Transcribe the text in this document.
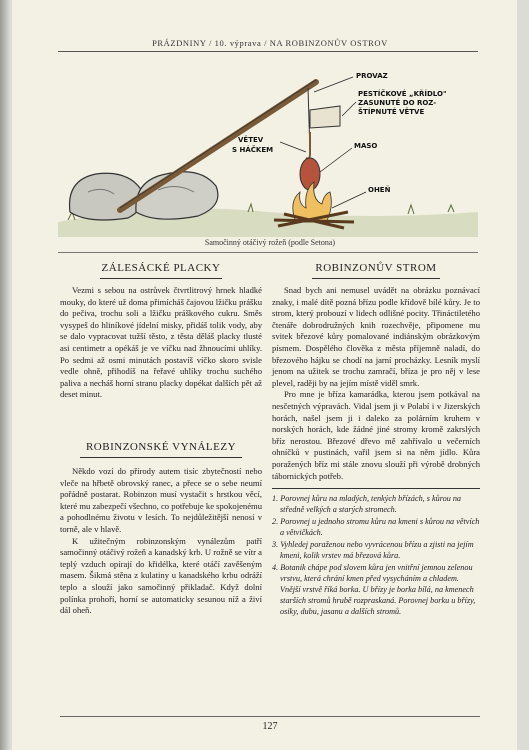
PRÁZDNINY / 10. výprava / NA ROBINZONŮV OSTROV
PROVAZ
PESTÍČKOVÉ „KŘÍDLO"
ZASUNUTÉ DO ROZ-
ŠTÍPNUTÉ VĚTVE
VĚTEV
S HÁČKEM	MASO
OHEŇ
Samočinný otáčivý rožeň (podle Setona)
ZÁLESÁCKÉ PLACKY

Vezmi s sebou na ostrůvek čtvrtlitrový hrnek hladké mouky, do které už doma přimícháš čajovou lžičku prášku do pečiva, trochu soli a lžičku práškového cukru. Směs vysypeš do hliníkové jídelní misky, přidáš tolik vody, aby se dalo vypracovat tužší těsto, z těsta děláš placky tlusté asi centimetr a opékáš je ve víčku nad žhnoucími uhlíky. Po sedmi až osmi minutách postavíš víčko skoro svisle vedle ohně, přihodíš na řeřavé uhlíky trochu suchého paliva a necháš horní stranu placky dopékat dalších pět až deset minut.

ROBINZONSKÉ VYNÁLEZY

Někdo vozí do přírody autem tisíc zbytečností nebo vleče na hřbetě obrovský ranec, a přece se o sebe neumí pořádně postarat. Robinzon musí vystačit s hrstkou věcí, které mu zabezpečí všechno, co potřebuje ke spokojenému a pohodlnému životu v lesích. To nejdůležitější nenosí v torně, ale v hlavě.

K užitečným robinzonským vynálezům patří samočinný otáčivý rožeň a kanadský krb. U rožně se vítr a teplý vzduch opírají do křidélka, které otáčí zavěšeným masem. Šikmá stěna z kulatiny u kanadského krbu odráží teplo a slouží jako samočinný přikladač. Když dolní polínka prohoří, horní se automaticky sesunou níž a živí dál oheň.

ROBINZONŮV STROM

Snad bych ani nemusel uvádět na obrázku poznávací znaky, i malé dítě pozná břízu podle křídově bílé kůry. Je to strom, který probouzí v lidech odlišné pocity. Třináctiletého čtenáře dobrodružných knih rozechvěje, připomene mu svitek březové kůry pomalované indiánským obrázkovým písmem. Dospělého člověka z města příjemně naladí, do březového hájku se chodí na jarní procházky. Lesník myslí jenom na užitek se trochu zamračí, bříza je pro něj v lese plevel, raději by na jejím místě viděl smrk.

Pro mne je bříza kamarádka, kterou jsem potkával na nesčetných výpravách. Vidal jsem ji v Polabí i v Jizerských horách, našel jsem ji i daleko za polárním kruhem v norských horách, kde žádné jiné stromy kromě zakrslých bříz nerostou. Březové dřevo mě zahřívalo u večerních ohníčků v pustinách, vařil jsem si na něm jídlo. Kůra poražených bříz mi stále znovu slouží při výrobě drobných tábornických potřeb.

1. Porovnej kůru na mladých, tenkých břízách, s kůrou na středně velkých a starých stromech.
2. Porovnej u jednoho stromu kůru na kmeni s kůrou na větvích a větvičkách.
3. Vyhledej poraženou nebo vyvrácenou břízu a zjisti na jejím kmeni, kolik vrstev má březová kůra.
4. Botanik chápe pod slovem kůra jen vnitřní jemnou zelenou vrstvu, která chrání kmen před vysycháním a chladem. Vnější vrstvě říká borka. U břízy je borka bílá, na kmenech starších stromů hrubě rozpraskaná. Porovnej borku u břízy, osiky, dubu, jasanu a dalších stromů.
127
